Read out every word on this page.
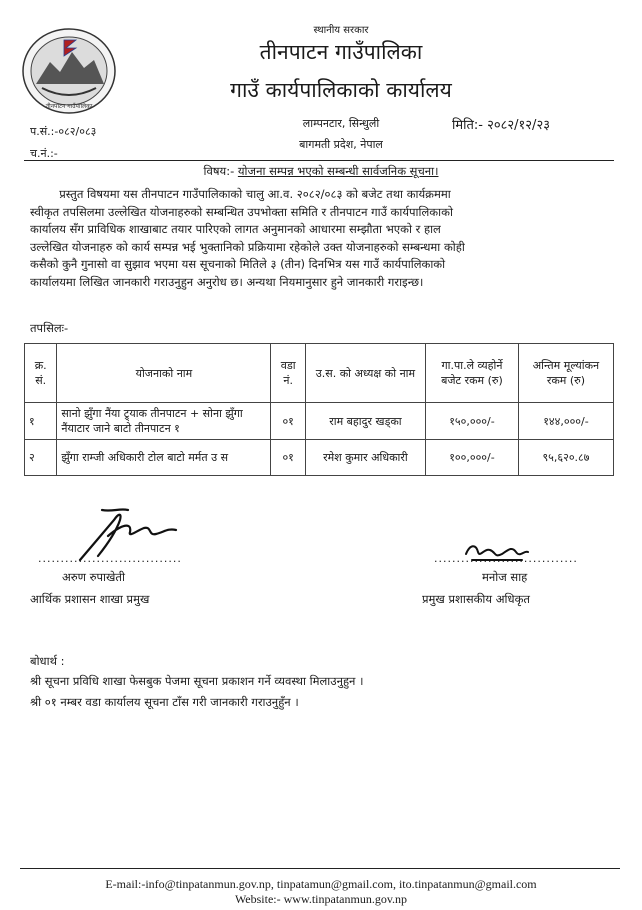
तीनपाटन गाउँपालिका
स्थानीय सरकार
तीनपाटन गाउँपालिका
गाउँ कार्यपालिकाको कार्यालय
लाम्पनटार, सिन्धुली
बागमती प्रदेश, नेपाल
प.सं.:-०८२/०८३
च.नं.:-
मिति:- २०८२/१२/२३
विषय:- योजना सम्पन्न भएको सम्बन्धी सार्वजनिक सूचना।
प्रस्तुत विषयमा यस तीनपाटन गाउँपालिकाको चालु आ.व. २०८२/०८३ को बजेट तथा कार्यक्रममा
स्वीकृत तपसिलमा उल्लेखित योजनाहरुको सम्बन्धित उपभोक्ता समिति र तीनपाटन गाउँ कार्यपालिकाको
कार्यालय सँग प्राविधिक शाखाबाट तयार पारिएको लागत अनुमानको आधारमा सम्झौता भएको र हाल
उल्लेखित योजनाहरु को कार्य सम्पन्न भई भुक्तानिको प्रक्रियामा रहेकोले उक्त योजनाहरुको सम्बन्धमा कोही
कसैको कुनै गुनासो वा सुझाव भएमा यस सूचनाको मितिले ३ (तीन) दिनभित्र यस गाउँ कार्यपालिकाको
कार्यालयमा लिखित जानकारी गराउनुहुन अनुरोध छ। अन्यथा नियमानुसार हुने जानकारी गराइन्छ।
तपसिलः-
क्र. सं.	योजनाको नाम	वडा नं.	उ.स. को अध्यक्ष को नाम	गा.पा.ले व्यहोर्ने बजेट रकम (रु)	अन्तिम मूल्यांकन रकम (रु)
१	सानो झुँगा नैंया ट्र्याक तीनपाटन + सोना झुँगा नैंयाटार जाने बाटो तीनपाटन १	०१	राम बहादुर खड्का	१५०,०००/-	१४४,०००/-
२	झुँगा राम्जी अधिकारी टोल बाटो मर्मत उ स	०१	रमेश कुमार अधिकारी	१००,०००/-	९५,६२०.८७
................................	................................
अरुण रुपाखेती
आर्थिक प्रशासन शाखा प्रमुख
मनोज साह
प्रमुख प्रशासकीय अधिकृत
बोधार्थ :
श्री सूचना प्रविधि शाखा फेसबुक पेजमा सूचना प्रकाशन गर्ने व्यवस्था मिलाउनुहुन ।
श्री ०१ नम्बर वडा कार्यालय सूचना टाँस गरी जानकारी गराउनुहुँन ।
E-mail:-info@tinpatanmun.gov.np, tinpatamun@gmail.com, ito.tinpatanmun@gmail.com
Website:- www.tinpatanmun.gov.np
